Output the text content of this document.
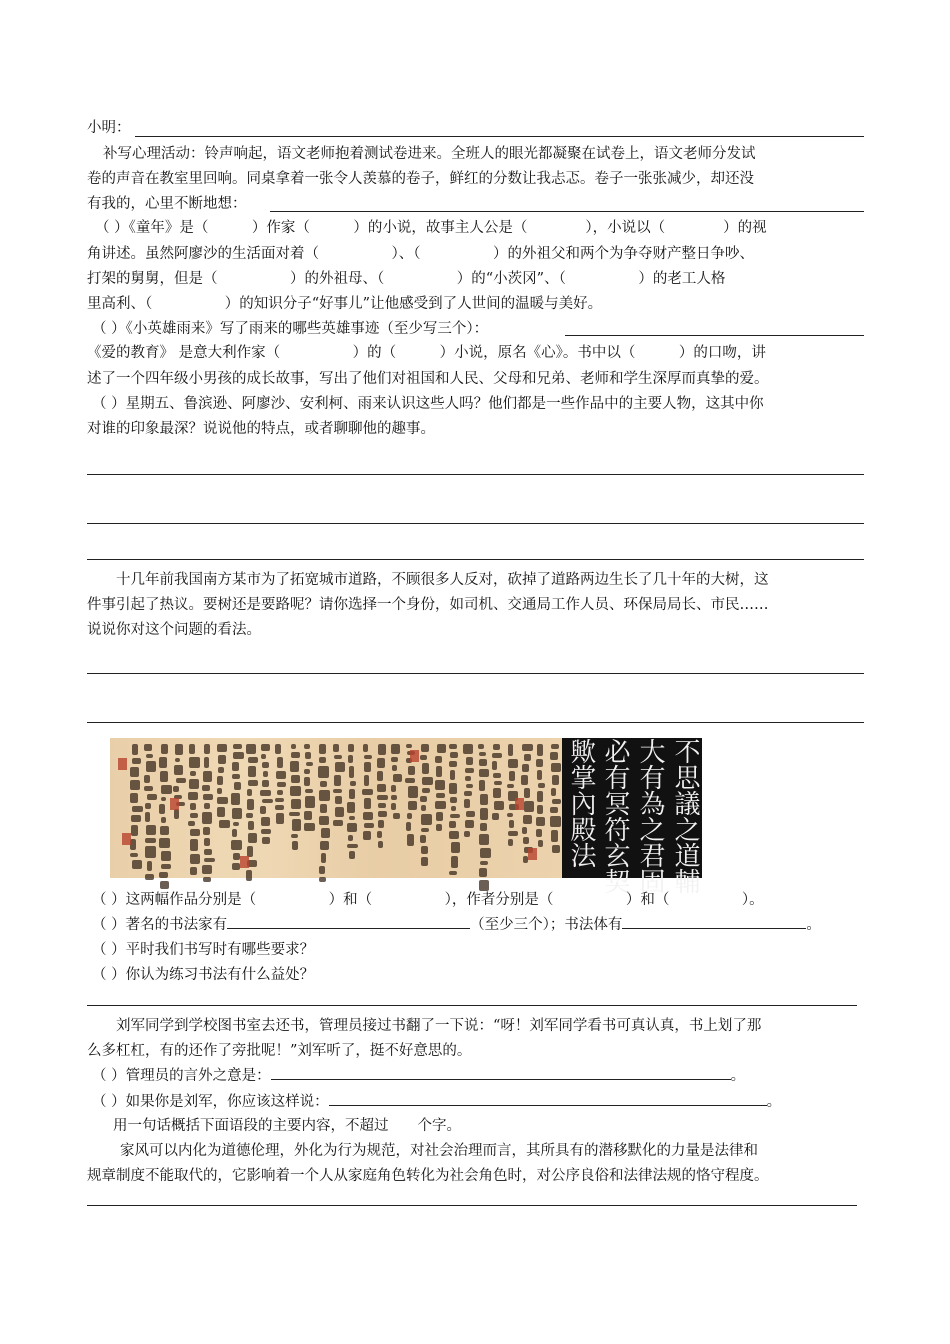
小明：
补写心理活动：铃声响起，语文老师抱着测试卷进来。全班人的眼光都凝聚在试卷上，语文老师分发试
卷的声音在教室里回响。同桌拿着一张令人羡慕的卷子，鲜红的分数让我忐忑。卷子一张张减少，却还没
有我的，心里不断地想：
（ ）《童年》是（　　　）作家（　　　）的小说，故事主人公是（　　　　），小说以（　　　　）的视
角讲述。虽然阿廖沙的生活面对着（　　　　　）、（　　　　　）的外祖父和两个为争夺财产整日争吵、
打架的舅舅，但是（　　　　　）的外祖母、（　　　　　）的“小茨冈”、（　　　　　）的老工人格
里高利、（　　　　　）的知识分子“好事儿”让他感受到了人世间的温暖与美好。
（ ）《小英雄雨来》写了雨来的哪些英雄事迹（至少写三个）：
《爱的教育》 是意大利作家（　　　　　）的（　　　）小说，原名《心》。书中以（　　　）的口吻，讲
述了一个四年级小男孩的成长故事，写出了他们对祖国和人民、父母和兄弟、老师和学生深厚而真挚的爱。
（ ）星期五、鲁滨逊、阿廖沙、安利柯、雨来认识这些人吗？他们都是一些作品中的主要人物，这其中你
对谁的印象最深？说说他的特点，或者聊聊他的趣事。
十几年前我国南方某市为了拓宽城市道路，不顾很多人反对，砍掉了道路两边生长了几十年的大树，这
件事引起了热议。要树还是要路呢？请你选择一个身份，如司机、交通局工作人员、环保局局长、市民……
说说你对这个问题的看法。
不思議之道輔
大有為之君固
必有冥符玄契
歟掌內殿法
（ ）这两幅作品分别是（　　　　　）和（　　　　　），作者分别是（　　　　　）和（　　　　　）。
（ ）著名的书法家有	（至少三个）；书法体有	。
（ ）平时我们书写时有哪些要求？
（ ）你认为练习书法有什么益处？
刘军同学到学校图书室去还书，管理员接过书翻了一下说：“呀！刘军同学看书可真认真，书上划了那
么多杠杠，有的还作了旁批呢！”刘军听了，挺不好意思的。
（ ）管理员的言外之意是：	。
（ ）如果你是刘军，你应该这样说：	。
用一句话概括下面语段的主要内容，不超过　　个字。
家风可以内化为道德伦理，外化为行为规范，对社会治理而言，其所具有的潜移默化的力量是法律和
规章制度不能取代的，它影响着一个人从家庭角色转化为社会角色时，对公序良俗和法律法规的恪守程度。
